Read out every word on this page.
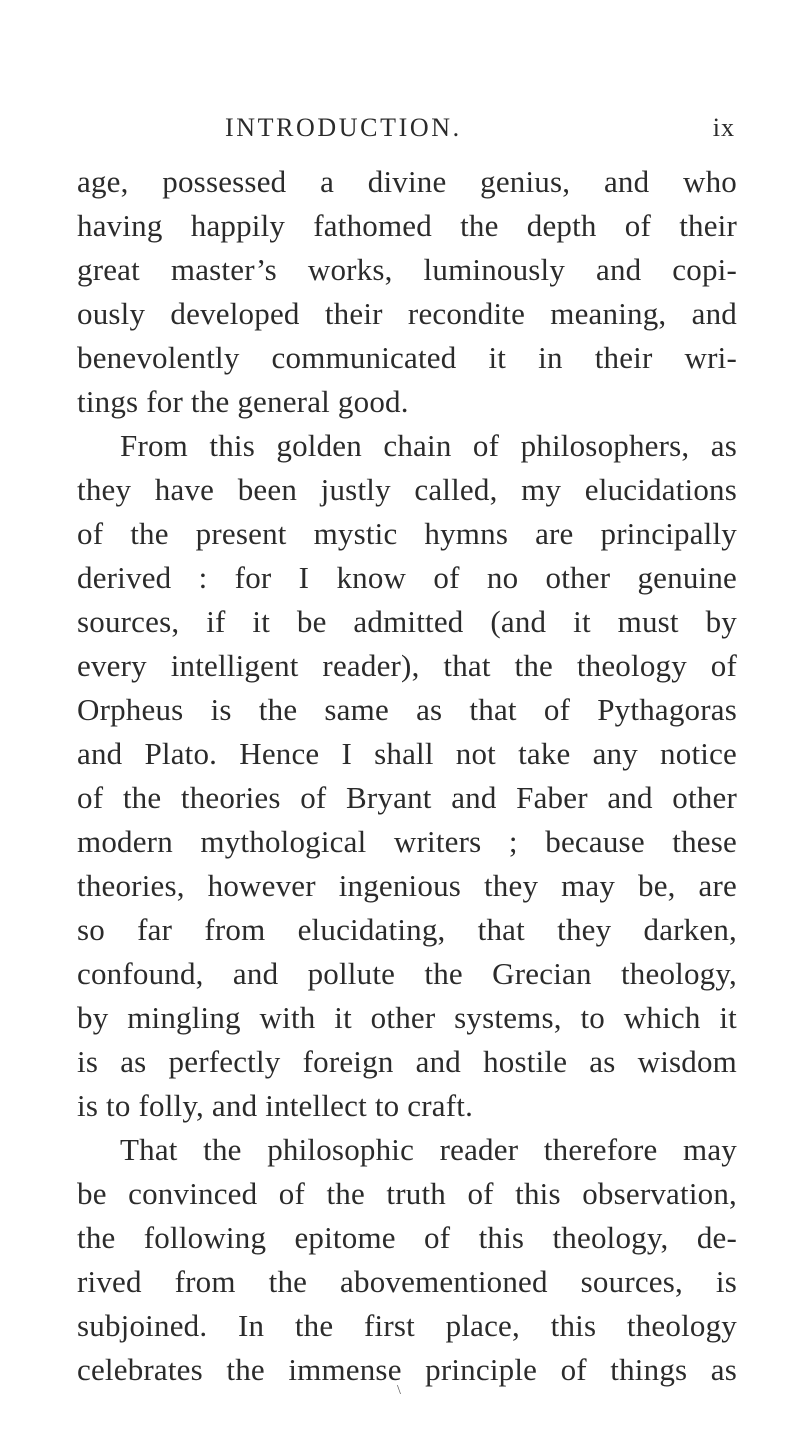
INTRODUCTION.	ix
age, possessed a divine genius, and who
having happily fathomed the depth of their
great master’s works, luminously and copi-
ously developed their recondite meaning, and
benevolently communicated it in their wri-
tings for the general good.
From this golden chain of philosophers, as
they have been justly called, my elucidations
of the present mystic hymns are principally
derived : for I know of no other genuine
sources, if it be admitted (and it must by
every intelligent reader), that the theology of
Orpheus is the same as that of Pythagoras
and Plato. Hence I shall not take any notice
of the theories of Bryant and Faber and other
modern mythological writers ; because these
theories, however ingenious they may be, are
so far from elucidating, that they darken,
confound, and pollute the Grecian theology,
by mingling with it other systems, to which it
is as perfectly foreign and hostile as wisdom
is to folly, and intellect to craft.
That the philosophic reader therefore may
be convinced of the truth of this observation,
the following epitome of this theology, de-
rived from the abovementioned sources, is
subjoined. In the first place, this theology
celebrates the immense principle of things as
\
